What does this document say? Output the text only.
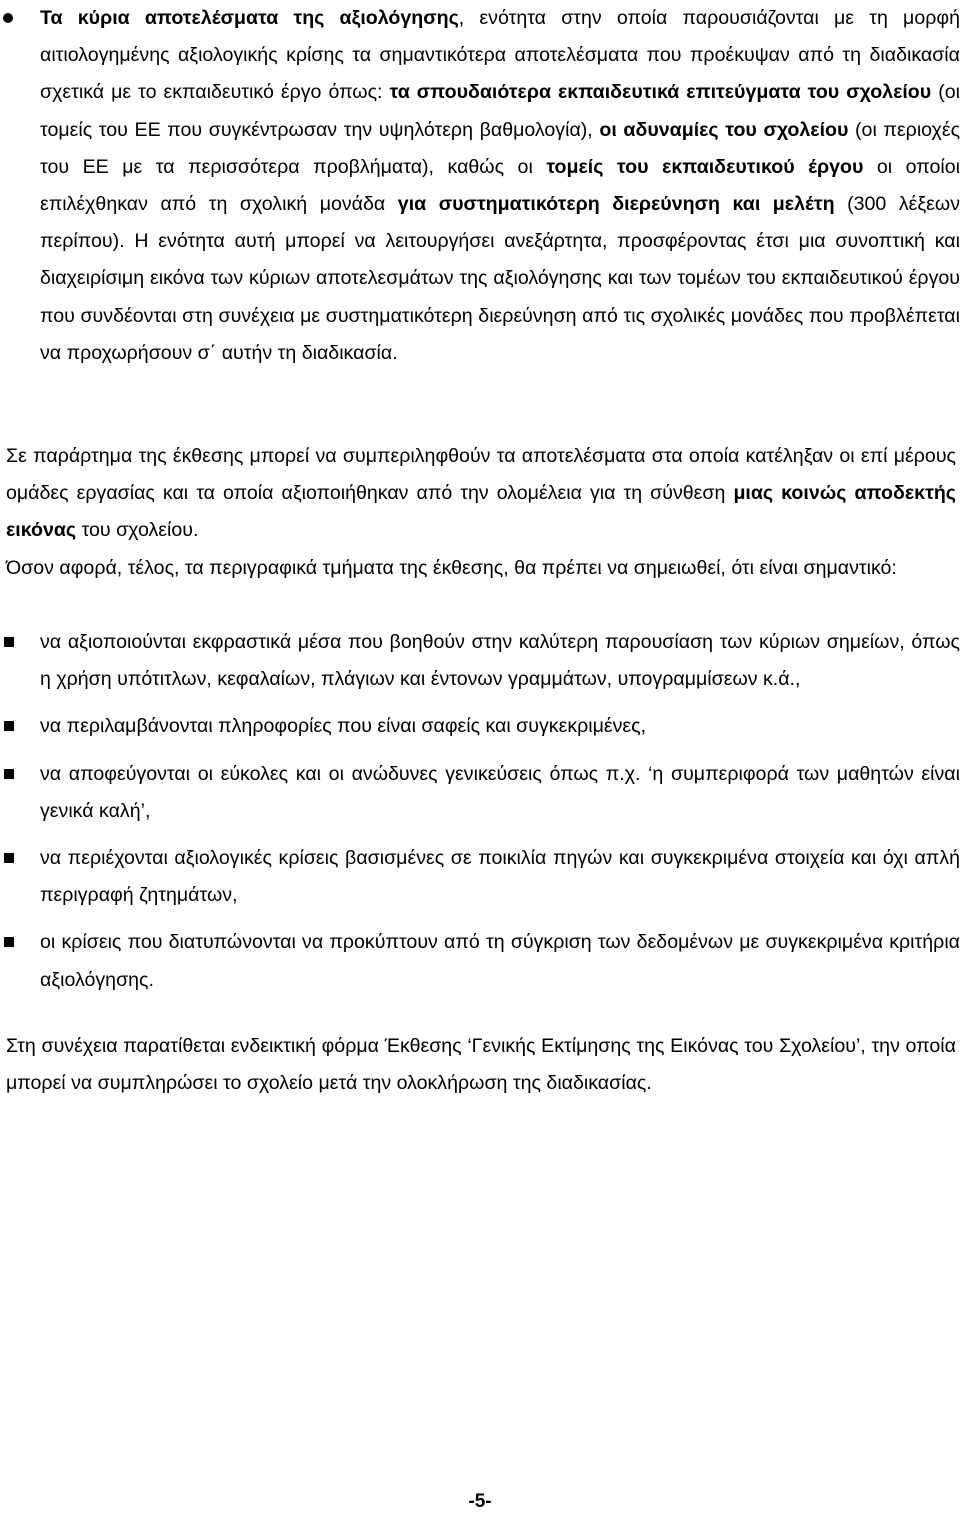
Τα κύρια αποτελέσματα της αξιολόγησης, ενότητα στην οποία παρουσιάζονται με τη μορφή αιτιολογημένης αξιολογικής κρίσης τα σημαντικότερα αποτελέσματα που προέκυψαν από τη διαδικασία σχετικά με το εκπαιδευτικό έργο όπως: τα σπουδαιότερα εκπαιδευτικά επιτεύγματα του σχολείου (οι τομείς του ΕΕ που συγκέντρωσαν την υψηλότερη βαθμολογία), οι αδυναμίες του σχολείου (οι περιοχές του ΕΕ με τα περισσότερα προβλήματα), καθώς οι τομείς του εκπαιδευτικού έργου οι οποίοι επιλέχθηκαν από τη σχολική μονάδα για συστηματικότερη διερεύνηση και μελέτη (300 λέξεων περίπου). Η ενότητα αυτή μπορεί να λειτουργήσει ανεξάρτητα, προσφέροντας έτσι μια συνοπτική και διαχειρίσιμη εικόνα των κύριων αποτελεσμάτων της αξιολόγησης και των τομέων του εκπαιδευτικού έργου που συνδέονται στη συνέχεια με συστηματικότερη διερεύνηση από τις σχολικές μονάδες που προβλέπεται να προχωρήσουν σ΄ αυτήν τη διαδικασία.

Σε παράρτημα της έκθεσης μπορεί να συμπεριληφθούν τα αποτελέσματα στα οποία κατέληξαν οι επί μέρους ομάδες εργασίας και τα οποία αξιοποιήθηκαν από την ολομέλεια για τη σύνθεση μιας κοινώς αποδεκτής εικόνας του σχολείου.

Όσον αφορά, τέλος, τα περιγραφικά τμήματα της έκθεσης, θα πρέπει να σημειωθεί, ότι είναι σημαντικό:

να αξιοποιούνται εκφραστικά μέσα που βοηθούν στην καλύτερη παρουσίαση των κύριων σημείων, όπως η χρήση υπότιτλων, κεφαλαίων, πλάγιων και έντονων γραμμάτων, υπογραμμίσεων κ.ά.,

να περιλαμβάνονται πληροφορίες που είναι σαφείς και συγκεκριμένες,

να αποφεύγονται οι εύκολες και οι ανώδυνες γενικεύσεις όπως π.χ. ‘η συμπεριφορά των μαθητών είναι γενικά καλή’,

να περιέχονται αξιολογικές κρίσεις βασισμένες σε ποικιλία πηγών και συγκεκριμένα στοιχεία και όχι απλή περιγραφή ζητημάτων,

οι κρίσεις που διατυπώνονται να προκύπτουν από τη σύγκριση των δεδομένων με συγκεκριμένα κριτήρια αξιολόγησης.

Στη συνέχεια παρατίθεται ενδεικτική φόρμα Έκθεσης ‘Γενικής Εκτίμησης της Εικόνας του Σχολείου’, την οποία μπορεί να συμπληρώσει το σχολείο μετά την ολοκλήρωση της διαδικασίας.

-5-
